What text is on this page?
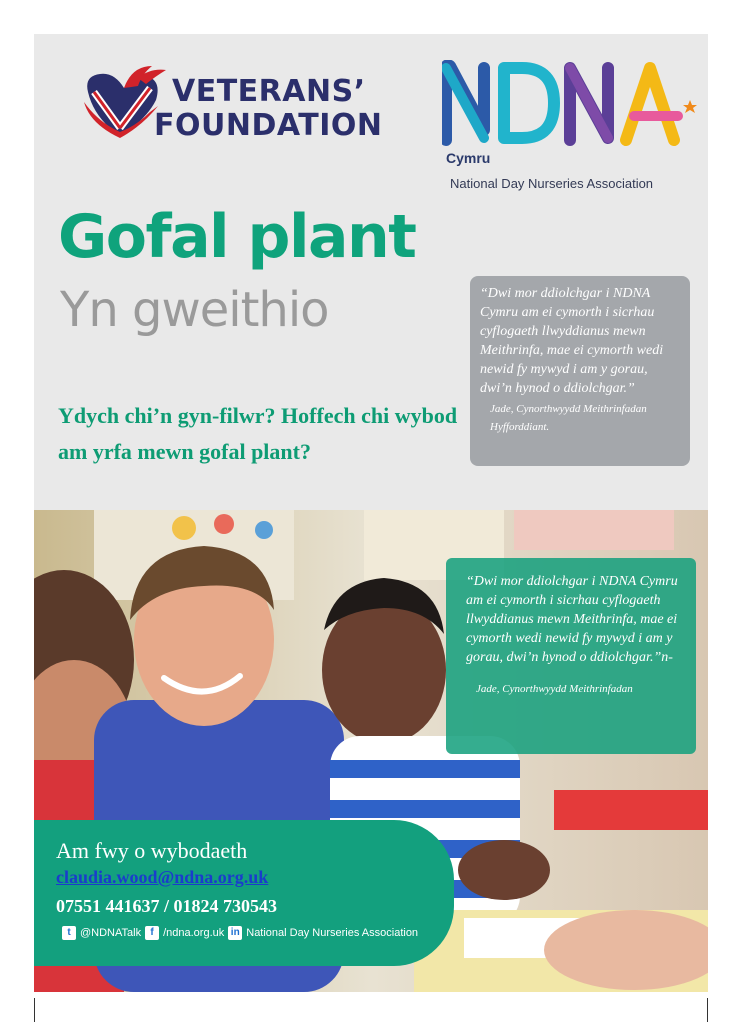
VETERANS’
FOUNDATION
Cymru
National Day Nurseries Association
Gofal plant
Yn gweithio
Ydych chi’n gyn-filwr? Hoffech chi wybod am yrfa mewn gofal plant?
“Dwi mor ddiolchgar i NDNA Cymru am ei cymorth i sicrhau cyflogaeth llwyddianus mewn Meithrinfa, mae ei cymorth wedi newid fy mywyd i am y gorau, dwi’n hynod o ddiolchgar.”
Jade, Cynorthwyydd Meithrinfadan Hyfforddiant.
“Dwi mor ddiolchgar i NDNA Cymru am ei cymorth i sicrhau cyflogaeth llwyddianus mewn Meithrinfa, mae ei cymorth wedi newid fy mywyd i am y gorau, dwi’n hynod o ddiolchgar.”n-
Jade, Cynorthwyydd Meithrinfadan
Am fwy o wybodaeth
claudia.wood@ndna.org.uk
07551 441637 / 01824 730543
t @NDNATalk f /ndna.org.uk in National Day Nurseries Association
